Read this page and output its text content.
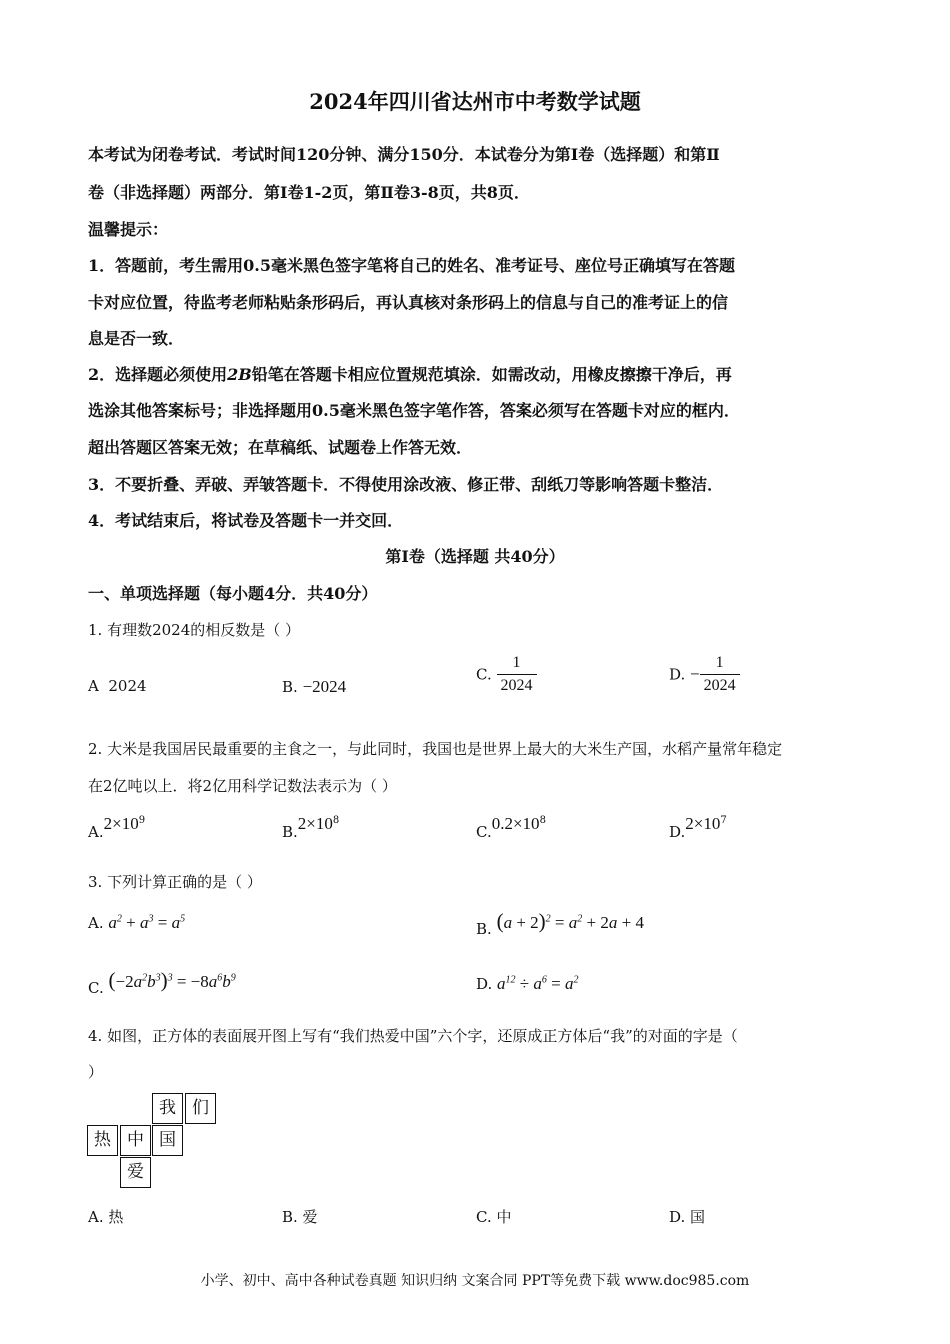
2024年四川省达州市中考数学试题
本考试为闭卷考试．考试时间120分钟、满分150分．本试卷分为第Ⅰ卷（选择题）和第Ⅱ
卷（非选择题）两部分．第Ⅰ卷1-2页，第Ⅱ卷3-8页，共8页．
温馨提示：
1．答题前，考生需用0.5毫米黑色签字笔将自己的姓名、准考证号、座位号正确填写在答题
卡对应位置，待监考老师粘贴条形码后，再认真核对条形码上的信息与自己的准考证上的信
息是否一致．
2．选择题必须使用2B铅笔在答题卡相应位置规范填涂．如需改动，用橡皮擦擦干净后，再
选涂其他答案标号；非选择题用0.5毫米黑色签字笔作答，答案必须写在答题卡对应的框内．
超出答题区答案无效；在草稿纸、试题卷上作答无效．
3．不要折叠、弄破、弄皱答题卡．不得使用涂改液、修正带、刮纸刀等影响答题卡整洁．
4．考试结束后，将试卷及答题卡一并交回．
第Ⅰ卷（选择题 共40分）
一、单项选择题（每小题4分．共40分）
1. 有理数2024的相反数是（ ）
A 2024	B. −2024
C. $\frac{1}{2024}$	D. − $\frac{1}{2024}$
2. 大米是我国居民最重要的主食之一，与此同时，我国也是世界上最大的大米生产国，水稻产量常年稳定
在2亿吨以上．将2亿用科学记数法表示为（ ）
$A.2\times 10^9$
$B.2\times 10^8$
$C.0.2\times 10^8$
$D.2\times 10^7$
3. 下列计算正确的是（ ）
A. $a^2 + a^3 = a^5$
B. $(a + 2)^2 = a^2 + 2a + 4$
C. $(-2a^2b^3)^3 = -8a^6b^9$	D. $a^{12} \div a^6 = a^2$
4. 如图，正方体的表面展开图上写有“我们热爱中国”六个字，还原成正方体后“我”的对面的字是（
）
我 们
热 中 国
爱
A. 热	B. 爱	C. 中	D. 国
小学、初中、高中各种试卷真题 知识归纳 文案合同 PPT等免费下载 www.doc985.com
